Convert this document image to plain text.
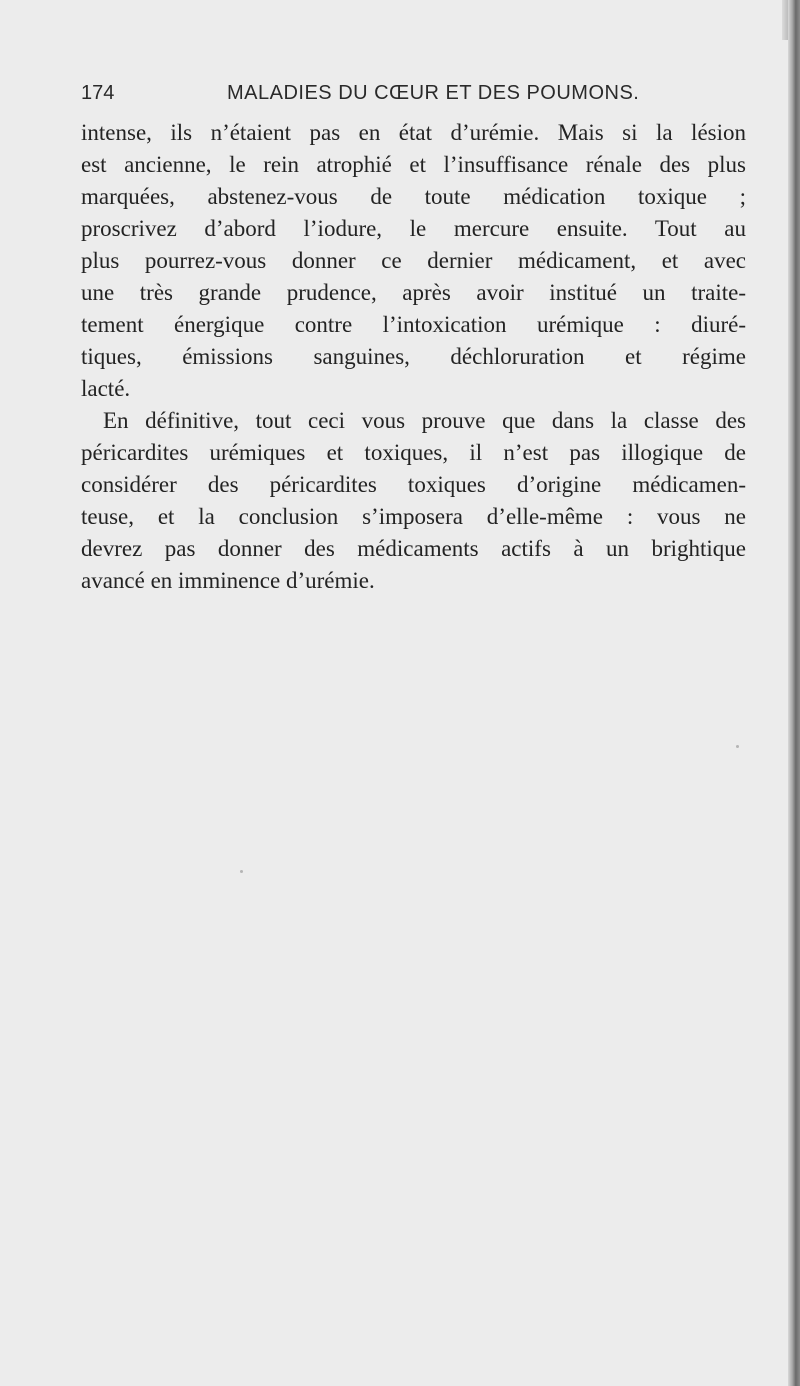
174	MALADIES DU CŒUR ET DES POUMONS.
intense, ils n’étaient pas en état d’urémie. Mais si la lésion
est ancienne, le rein atrophié et l’insuffisance rénale des plus
marquées, abstenez-vous de toute médication toxique ;
proscrivez d’abord l’iodure, le mercure ensuite. Tout au
plus pourrez-vous donner ce dernier médicament, et avec
une très grande prudence, après avoir institué un traite-
tement énergique contre l’intoxication urémique : diuré-
tiques, émissions sanguines, déchloruration et régime
lacté.
En définitive, tout ceci vous prouve que dans la classe des
péricardites urémiques et toxiques, il n’est pas illogique de
considérer des péricardites toxiques d’origine médicamen-
teuse, et la conclusion s’imposera d’elle-même : vous ne
devrez pas donner des médicaments actifs à un brightique
avancé en imminence d’urémie.
